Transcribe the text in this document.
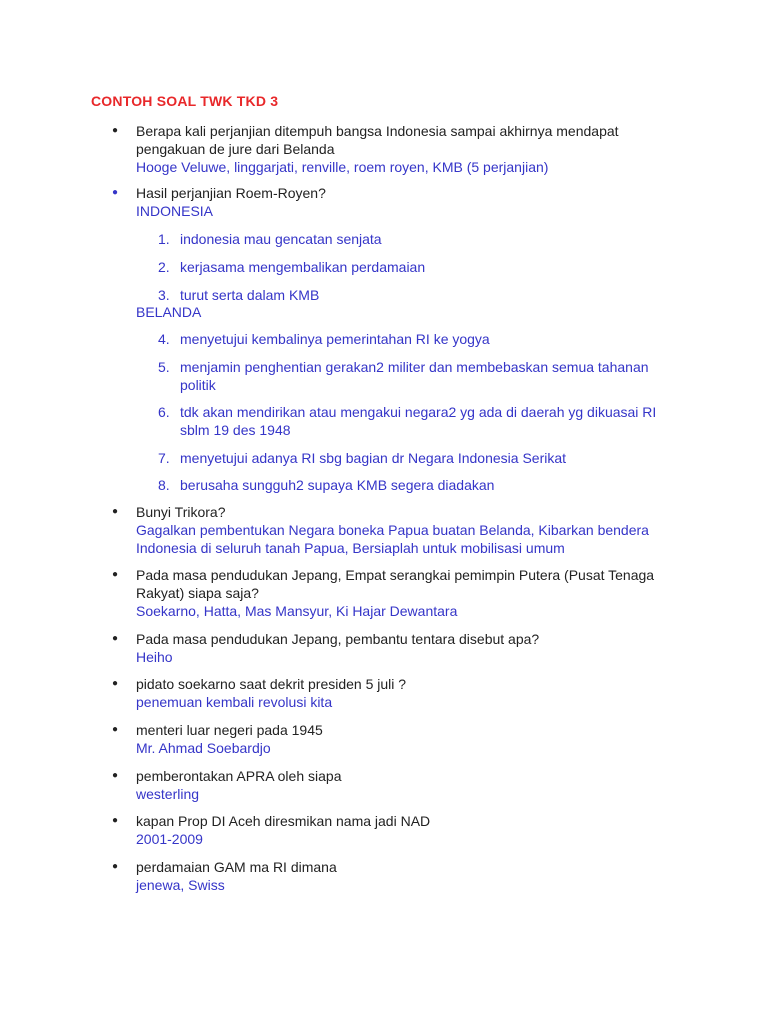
CONTOH SOAL TWK TKD 3
● Berapa kali perjanjian ditempuh bangsa Indonesia sampai akhirnya mendapat pengakuan de jure dari Belanda
Hooge Veluwe, linggarjati, renville, roem royen, KMB (5 perjanjian)
● Hasil perjanjian Roem-Royen?
INDONESIA
1. indonesia mau gencatan senjata
2. kerjasama mengembalikan perdamaian
3. turut serta dalam KMB
BELANDA
4. menyetujui kembalinya pemerintahan RI ke yogya
5. menjamin penghentian gerakan2 militer dan membebaskan semua tahanan politik
6. tdk akan mendirikan atau mengakui negara2 yg ada di daerah yg dikuasai RI sblm 19 des 1948
7. menyetujui adanya RI sbg bagian dr Negara Indonesia Serikat
8. berusaha sungguh2 supaya KMB segera diadakan
● Bunyi Trikora?
Gagalkan pembentukan Negara boneka Papua buatan Belanda, Kibarkan bendera Indonesia di seluruh tanah Papua, Bersiaplah untuk mobilisasi umum
● Pada masa pendudukan Jepang, Empat serangkai pemimpin Putera (Pusat Tenaga Rakyat) siapa saja?
Soekarno, Hatta, Mas Mansyur, Ki Hajar Dewantara
● Pada masa pendudukan Jepang, pembantu tentara disebut apa?
Heiho
● pidato soekarno saat dekrit presiden 5 juli ?
penemuan kembali revolusi kita
● menteri luar negeri pada 1945
Mr. Ahmad Soebardjo
● pemberontakan APRA oleh siapa
westerling
● kapan Prop DI Aceh diresmikan nama jadi NAD
2001-2009
● perdamaian GAM ma RI dimana
jenewa, Swiss
